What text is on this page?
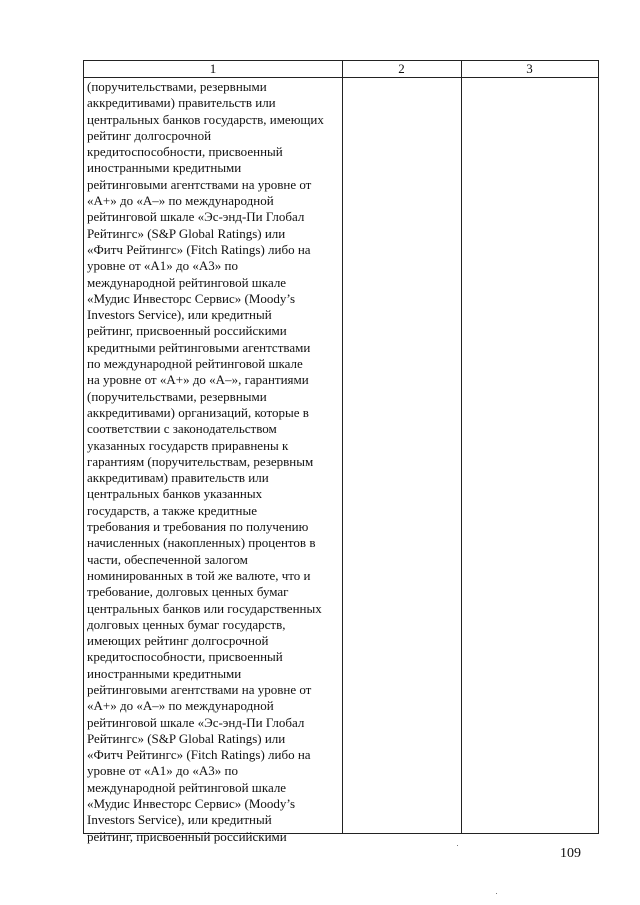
1	2	3

(поручительствами, резервными
аккредитивами) правительств или
центральных банков государств, имеющих
рейтинг долгосрочной
кредитоспособности, присвоенный
иностранными кредитными
рейтинговыми агентствами на уровне от
«А+» до «А–» по международной
рейтинговой шкале «Эс-энд-Пи Глобал
Рейтингс» (S&P Global Ratings) или
«Фитч Рейтингс» (Fitch Ratings) либо на
уровне от «А1» до «А3» по
международной рейтинговой шкале
«Мудис Инвесторс Сервис» (Moody’s
Investors Service), или кредитный
рейтинг, присвоенный российскими
кредитными рейтинговыми агентствами
по международной рейтинговой шкале
на уровне от «А+» до «А–», гарантиями
(поручительствами, резервными
аккредитивами) организаций, которые в
соответствии с законодательством
указанных государств приравнены к
гарантиям (поручительствам, резервным
аккредитивам) правительств или
центральных банков указанных
государств, а также кредитные
требования и требования по получению
начисленных (накопленных) процентов в
части, обеспеченной залогом
номинированных в той же валюте, что и
требование, долговых ценных бумаг
центральных банков или государственных
долговых ценных бумаг государств,
имеющих рейтинг долгосрочной
кредитоспособности, присвоенный
иностранными кредитными
рейтинговыми агентствами на уровне от
«А+» до «А–» по международной
рейтинговой шкале «Эс-энд-Пи Глобал
Рейтингс» (S&P Global Ratings) или
«Фитч Рейтингс» (Fitch Ratings) либо на
уровне от «А1» до «А3» по
международной рейтинговой шкале
«Мудис Инвесторс Сервис» (Moody’s
Investors Service), или кредитный
рейтинг, присвоенный российскими

109
